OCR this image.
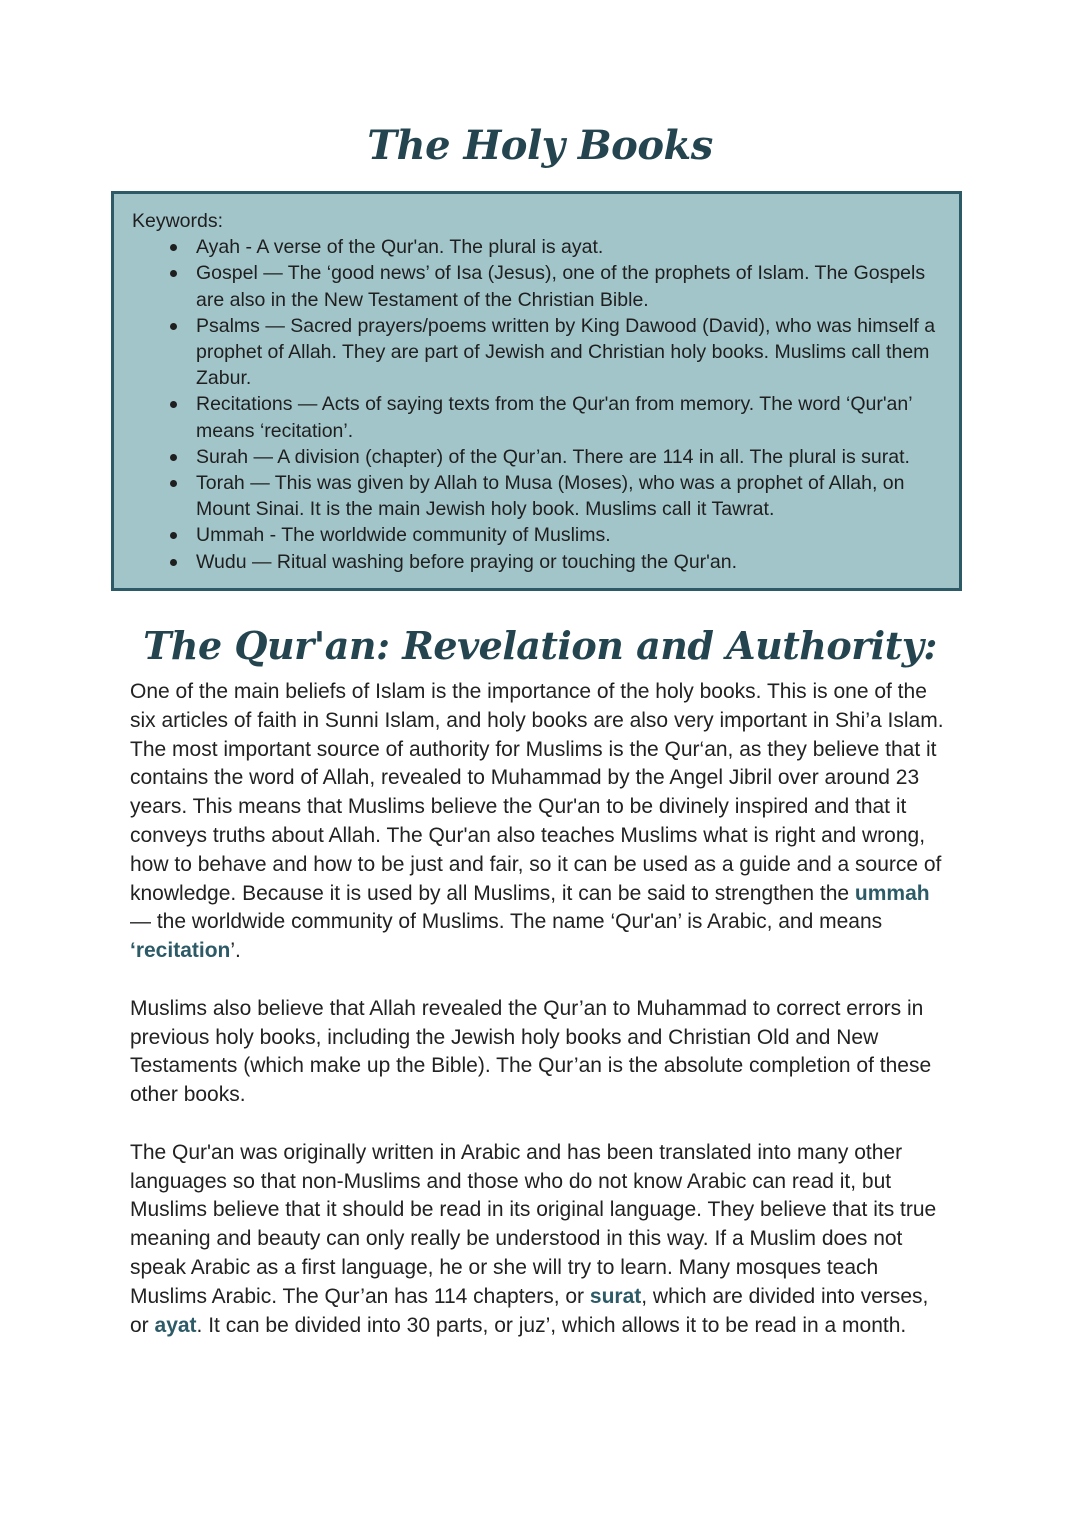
The Holy Books

Keywords:

Ayah - A verse of the Qur'an. The plural is ayat.
Gospel — The ‘good news’ of Isa (Jesus), one of the prophets of Islam. The Gospels are also in the New Testament of the Christian Bible.
Psalms — Sacred prayers/poems written by King Dawood (David), who was himself a prophet of Allah. They are part of Jewish and Christian holy books. Muslims call them Zabur.
Recitations — Acts of saying texts from the Qur'an from memory. The word ‘Qur'an’ means ‘recitation’.
Surah — A division (chapter) of the Qur’an. There are 114 in all. The plural is surat.
Torah — This was given by Allah to Musa (Moses), who was a prophet of Allah, on Mount Sinai. It is the main Jewish holy book. Muslims call it Tawrat.
Ummah - The worldwide community of Muslims.
Wudu — Ritual washing before praying or touching the Qur'an.
The Qur'an: Revelation and Authority:

One of the main beliefs of Islam is the importance of the holy books. This is one of the six articles of faith in Sunni Islam, and holy books are also very important in Shi’a Islam. The most important source of authority for Muslims is the Qur‘an, as they believe that it contains the word of Allah, revealed to Muhammad by the Angel Jibril over around 23 years. This means that Muslims believe the Qur'an to be divinely inspired and that it conveys truths about Allah. The Qur'an also teaches Muslims what is right and wrong, how to behave and how to be just and fair, so it can be used as a guide and a source of knowledge. Because it is used by all Muslims, it can be said to strengthen the ummah — the worldwide community of Muslims. The name ‘Qur'an’ is Arabic, and means ‘recitation’.

Muslims also believe that Allah revealed the Qur’an to Muhammad to correct errors in previous holy books, including the Jewish holy books and Christian Old and New Testaments (which make up the Bible). The Qur’an is the absolute completion of these other books.

The Qur'an was originally written in Arabic and has been translated into many other languages so that non-Muslims and those who do not know Arabic can read it, but Muslims believe that it should be read in its original language. They believe that its true meaning and beauty can only really be understood in this way. If a Muslim does not speak Arabic as a first language, he or she will try to learn. Many mosques teach Muslims Arabic. The Qur’an has 114 chapters, or surat, which are divided into verses, or ayat. It can be divided into 30 parts, or juz’, which allows it to be read in a month.
